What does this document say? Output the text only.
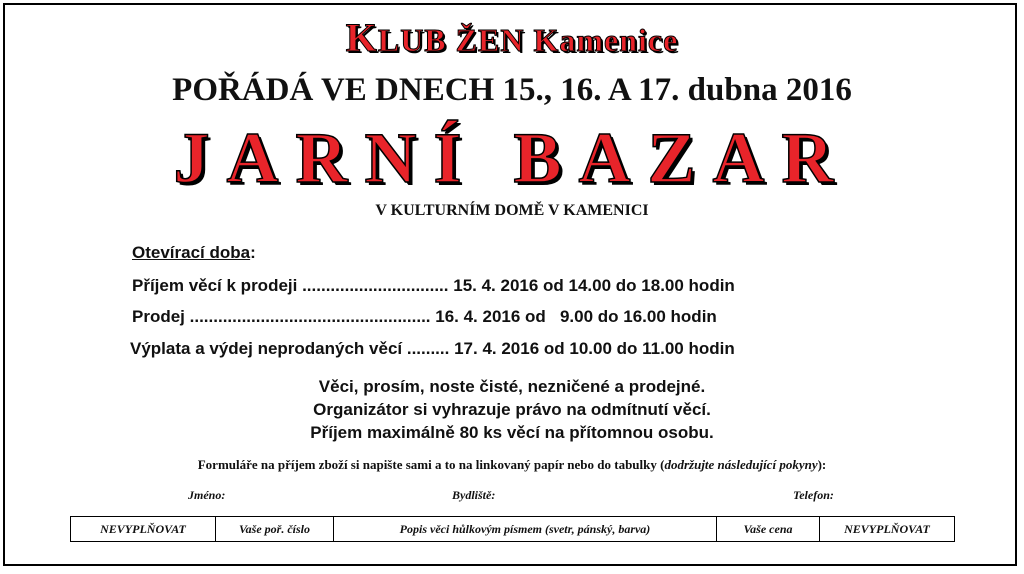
KLUB ŽEN Kamenice
POŘÁDÁ VE DNECH 15., 16. A 17. dubna 2016
JARNÍ BAZAR
V KULTURNÍM DOMĚ V KAMENICI
Otevírací doba:
Příjem věcí k prodeji ............................... 15. 4. 2016 od 14.00 do 18.00 hodin
Prodej ................................................... 16. 4. 2016 od   9.00 do 16.00 hodin
Výplata a výdej neprodaných věcí ......... 17. 4. 2016 od 10.00 do 11.00 hodin
Věci, prosím, noste čisté, nezničené a prodejné.
Organizátor si vyhrazuje právo na odmítnutí věcí.
Příjem maximálně 80 ks věcí na přítomnou osobu.
Formuláře na příjem zboží si napište sami a to na linkovaný papír nebo do tabulky (dodržujte následující pokyny):
Jméno:	Bydliště:	Telefon:
NEVYPLŇOVAT	Vaše poř. číslo	Popis věci hůlkovým písmem (svetr, pánský, barva)	Vaše cena	NEVYPLŇOVAT
